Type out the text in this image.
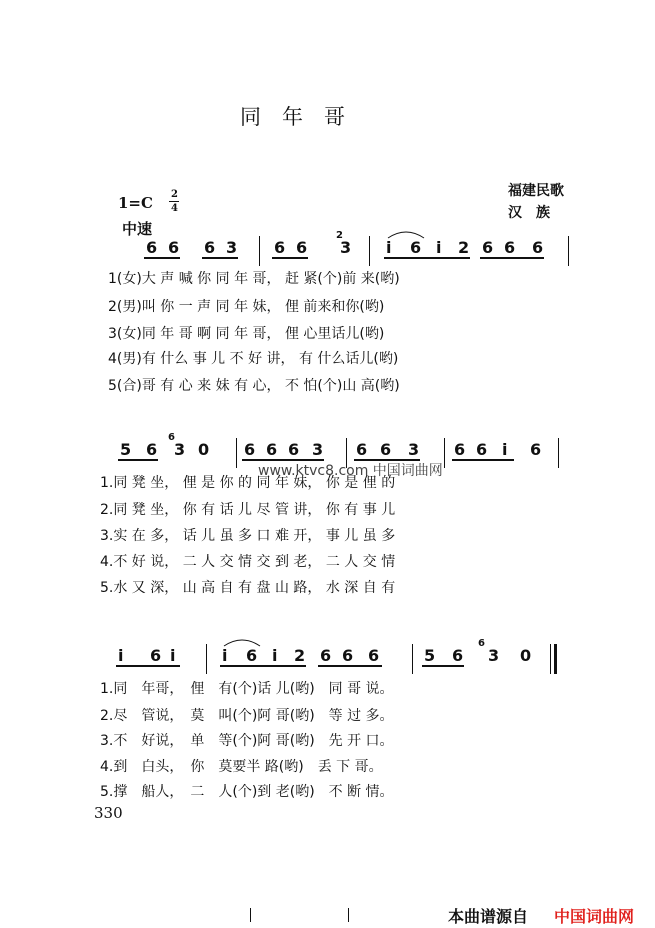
同　年　哥
福建民歌
汉　族
1=C 2
4
中速
6 6 6 3 6 6
2
3 i 6 i 2 6 6 6
1(女)大 声 喊 你 同 年 哥， 赶 紧(个)前 来(哟)
2(男)叫 你 一 声 同 年 妹， 俚 前来和你(哟)
3(女)同 年 哥 啊 同 年 哥， 俚 心里话儿(哟)
4(男)有 什么 事 儿 不 好 讲， 有 什么话儿(哟)
5(合)哥 有 心 来 妹 有 心， 不 怕(个)山 高(哟)
5 6
6
3 0 6 6 6 3 6 6 3 6 6 i 6
www.ktvc8.com 中国词曲网
1.同 凳 坐， 俚 是 你 的 同 年 妹， 你 是 俚 的
2.同 凳 坐， 你 有 话 儿 尽 管 讲， 你 有 事 儿
3.实 在 多， 话 儿 虽 多 口 难 开， 事 儿 虽 多
4.不 好 说， 二 人 交 情 交 到 老， 二 人 交 情
5.水 又 深， 山 高 自 有 盘 山 路， 水 深 自 有
i 6 i	i 6 i 2 6 6 6	5 6
6
3 0
1.同　年哥，　俚　有(个)话 儿(哟)　同 哥 说。
2.尽　管说，　莫　叫(个)阿 哥(哟)　等 过 多。
3.不　好说，　单　等(个)阿 哥(哟)　先 开 口。
4.到　白头，　你　莫要半 路(哟)　丢 下 哥。
5.撑　船人，　二　人(个)到 老(哟)　不 断 情。
330
本曲谱源自 中国词曲网
